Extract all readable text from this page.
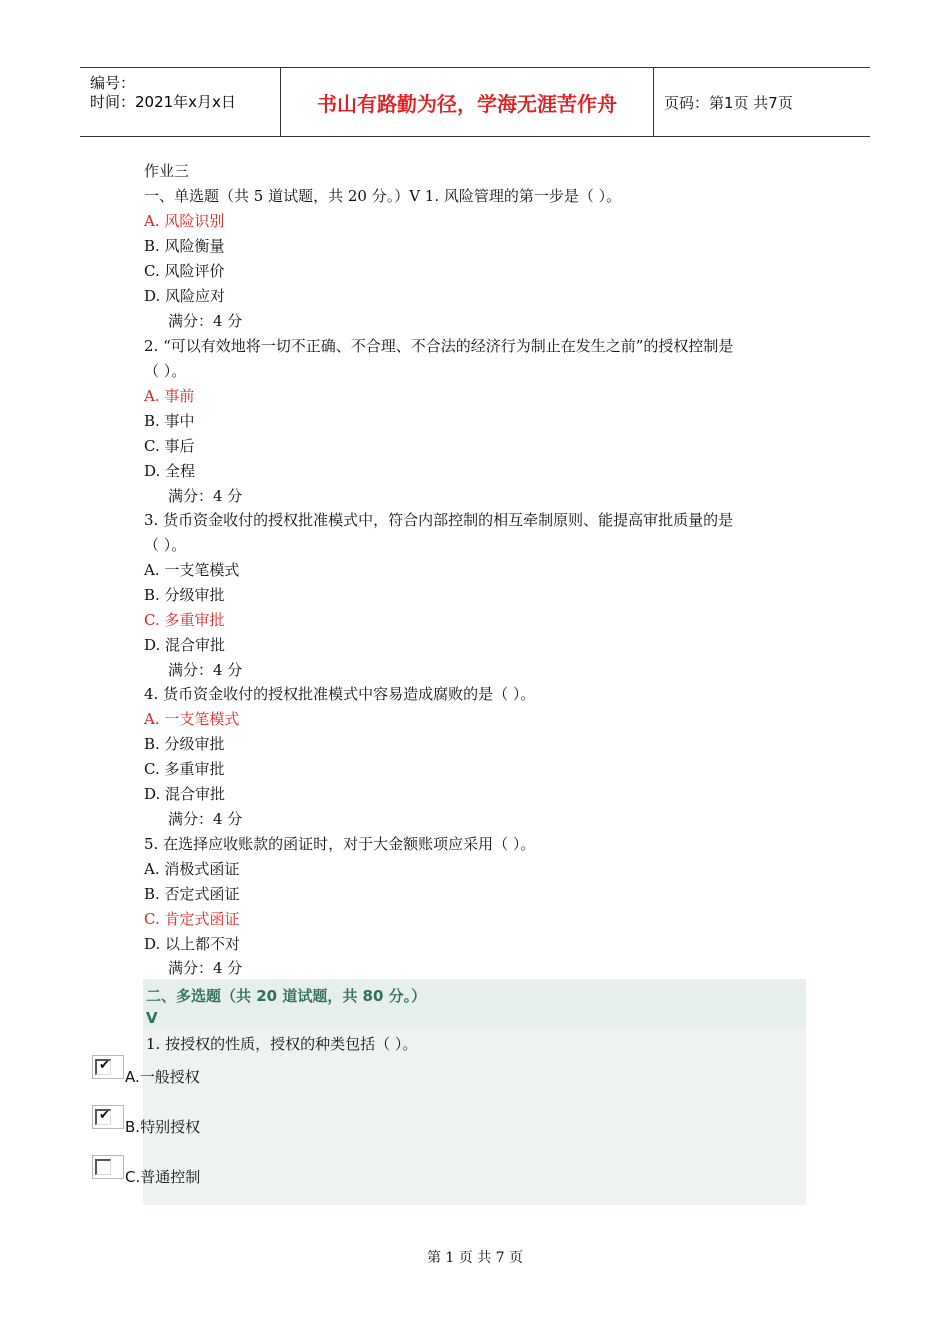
编号：
时间：2021年x月x日	书山有路勤为径，学海无涯苦作舟	页码：第1页 共7页
作业三
一、单选题（共 5 道试题，共 20 分。）V 1. 风险管理的第一步是（ ）。
A. 风险识别
B. 风险衡量
C. 风险评价
D. 风险应对
满分：4 分
2. “可以有效地将一切不正确、不合理、不合法的经济行为制止在发生之前”的授权控制是
（ ）。
A. 事前
B. 事中
C. 事后
D. 全程
满分：4 分
3. 货币资金收付的授权批准模式中，符合内部控制的相互牵制原则、能提高审批质量的是
（ ）。
A. 一支笔模式
B. 分级审批
C. 多重审批
D. 混合审批
满分：4 分
4. 货币资金收付的授权批准模式中容易造成腐败的是（ ）。
A. 一支笔模式
B. 分级审批
C. 多重审批
D. 混合审批
满分：4 分
5. 在选择应收账款的函证时，对于大金额账项应采用（ ）。
A. 消极式函证
B. 否定式函证
C. 肯定式函证
D. 以上都不对
满分：4 分
二、多选题（共 20 道试题，共 80 分。）
V
1. 按授权的性质，授权的种类包括（ ）。
✔
A.一般授权
✔
B.特别授权
C.普通控制
第 1 页 共 7 页
